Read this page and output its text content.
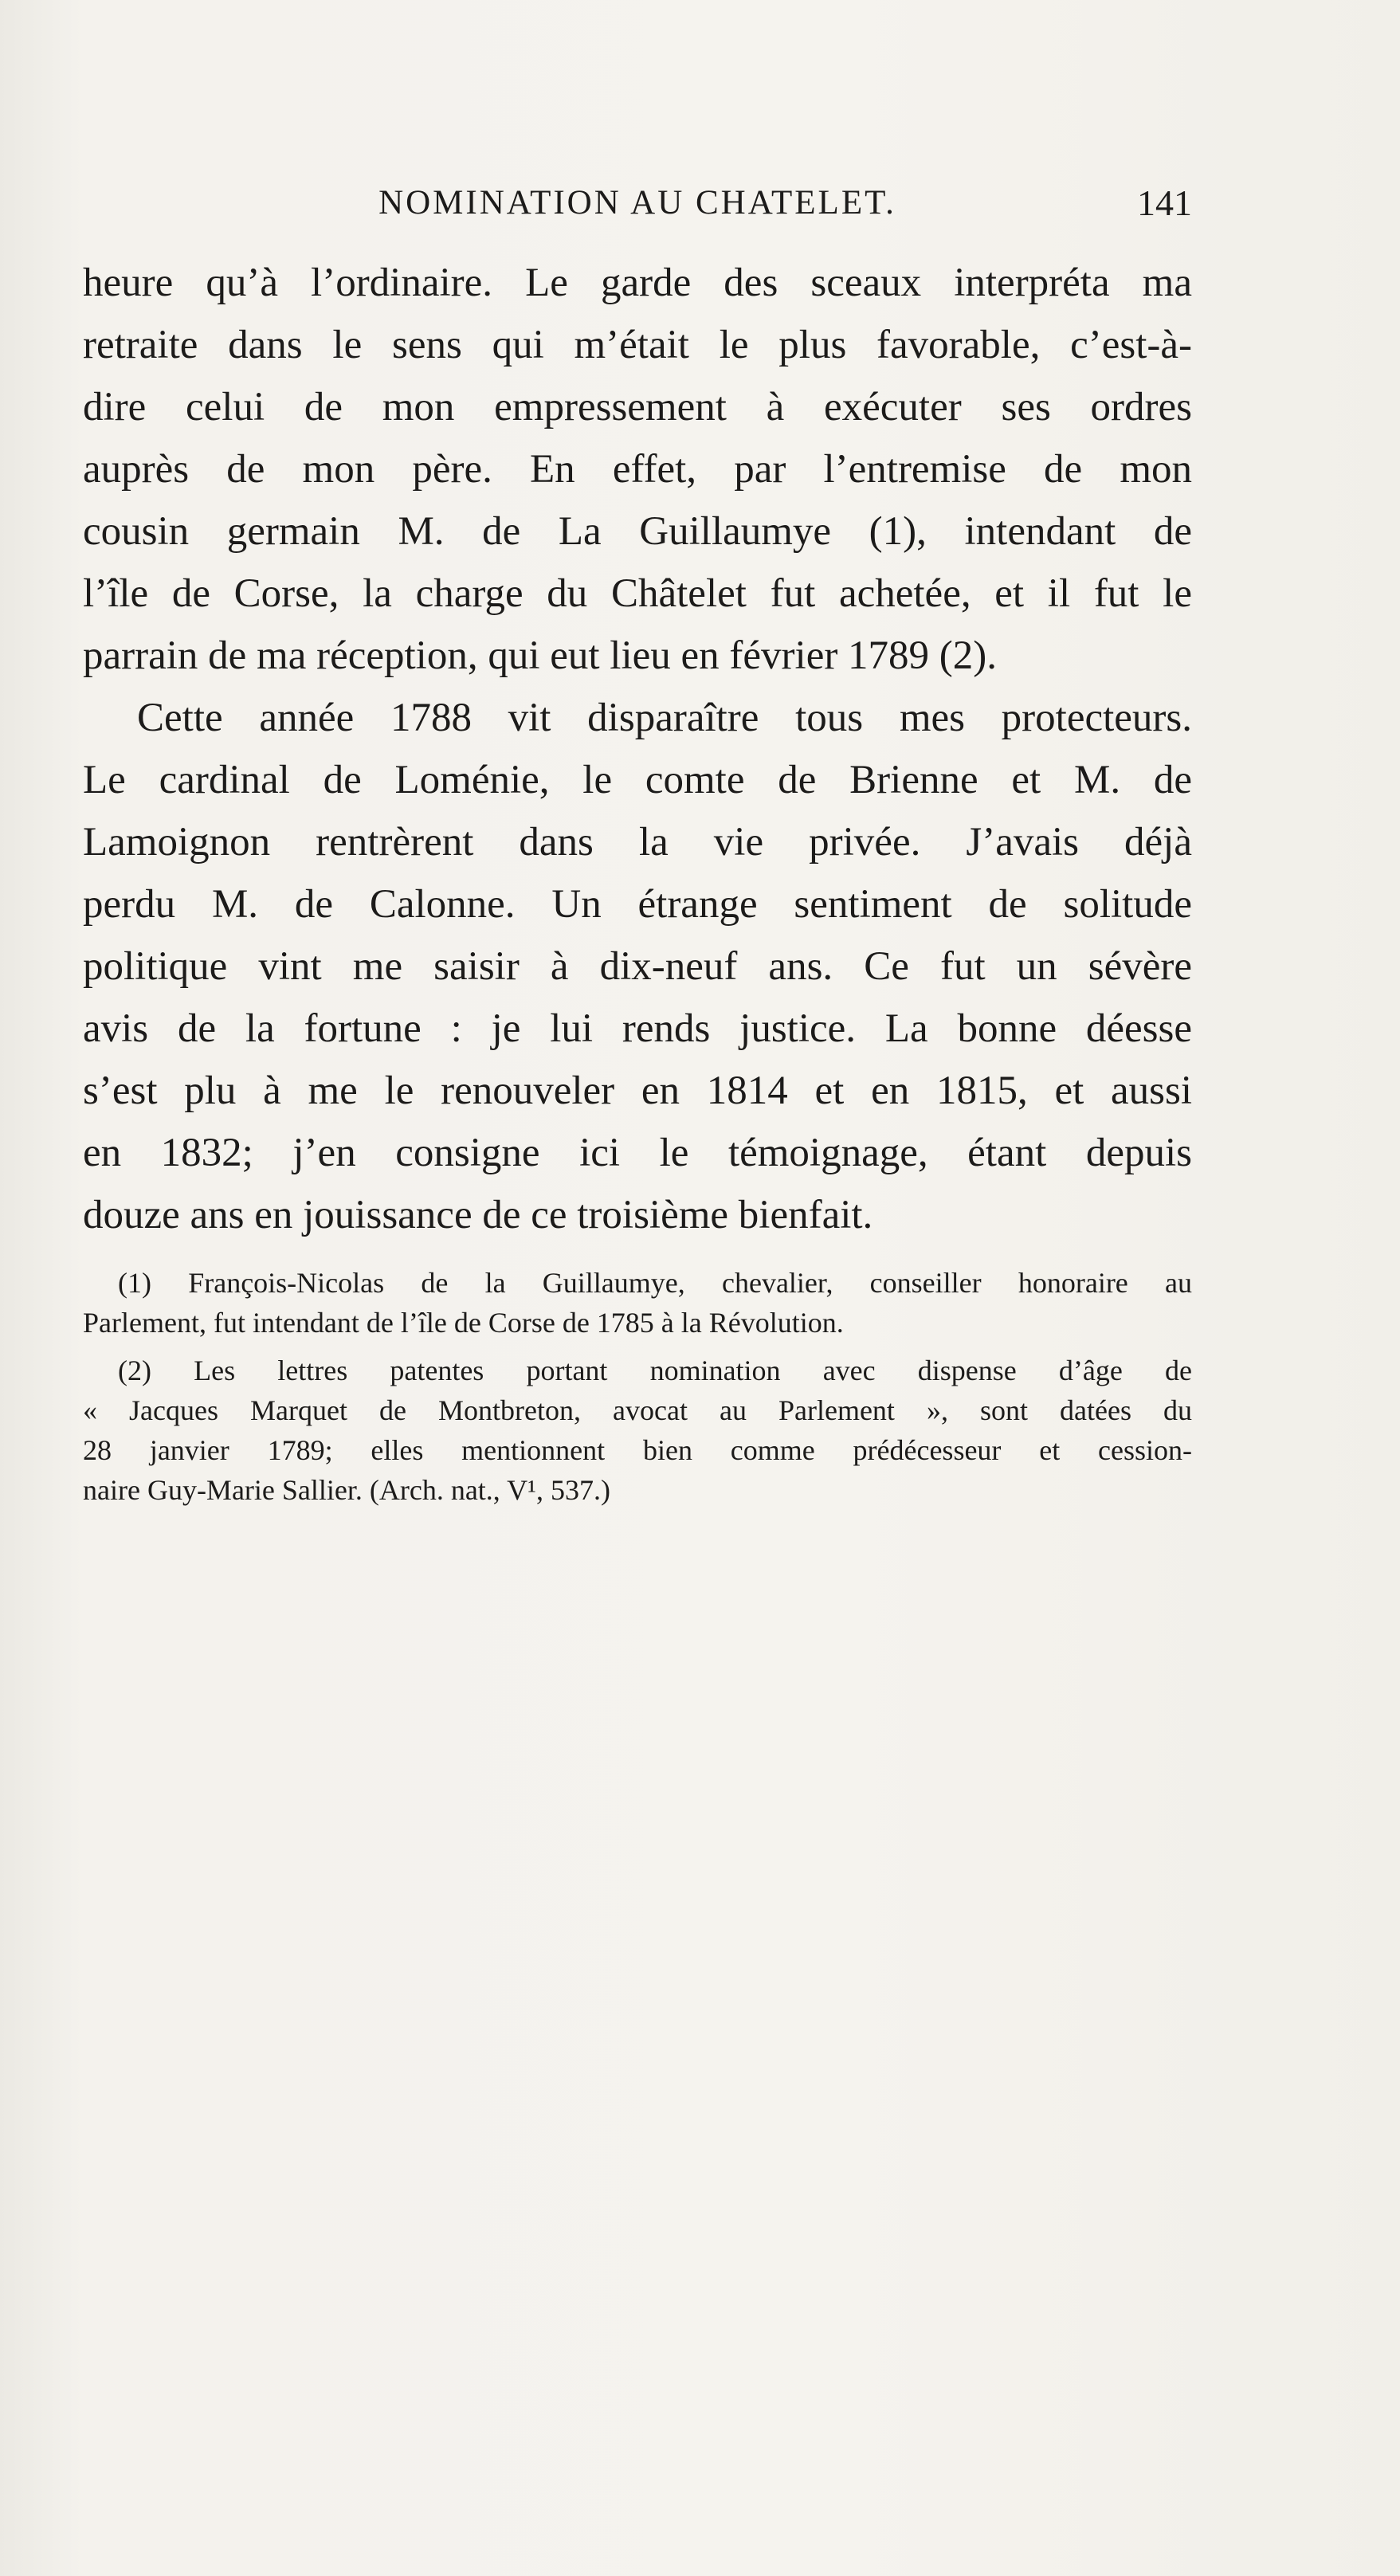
NOMINATION AU CHATELET.	141
heure qu’à l’ordinaire. Le garde des sceaux interpréta ma
retraite dans le sens qui m’était le plus favorable, c’est-à-
dire celui de mon empressement à exécuter ses ordres
auprès de mon père. En effet, par l’entremise de mon
cousin germain M. de La Guillaumye (1), intendant de
l’île de Corse, la charge du Châtelet fut achetée, et il fut le
parrain de ma réception, qui eut lieu en février 1789 (2).
Cette année 1788 vit disparaître tous mes protecteurs.
Le cardinal de Loménie, le comte de Brienne et M. de
Lamoignon rentrèrent dans la vie privée. J’avais déjà
perdu M. de Calonne. Un étrange sentiment de solitude
politique vint me saisir à dix-neuf ans. Ce fut un sévère
avis de la fortune : je lui rends justice. La bonne déesse
s’est plu à me le renouveler en 1814 et en 1815, et aussi
en 1832; j’en consigne ici le témoignage, étant depuis
douze ans en jouissance de ce troisième bienfait.
(1) François-Nicolas de la Guillaumye, chevalier, conseiller honoraire au
Parlement, fut intendant de l’île de Corse de 1785 à la Révolution.
(2) Les lettres patentes portant nomination avec dispense d’âge de
« Jacques Marquet de Montbreton, avocat au Parlement », sont datées du
28 janvier 1789; elles mentionnent bien comme prédécesseur et cession-
naire Guy-Marie Sallier. (Arch. nat., V¹, 537.)
